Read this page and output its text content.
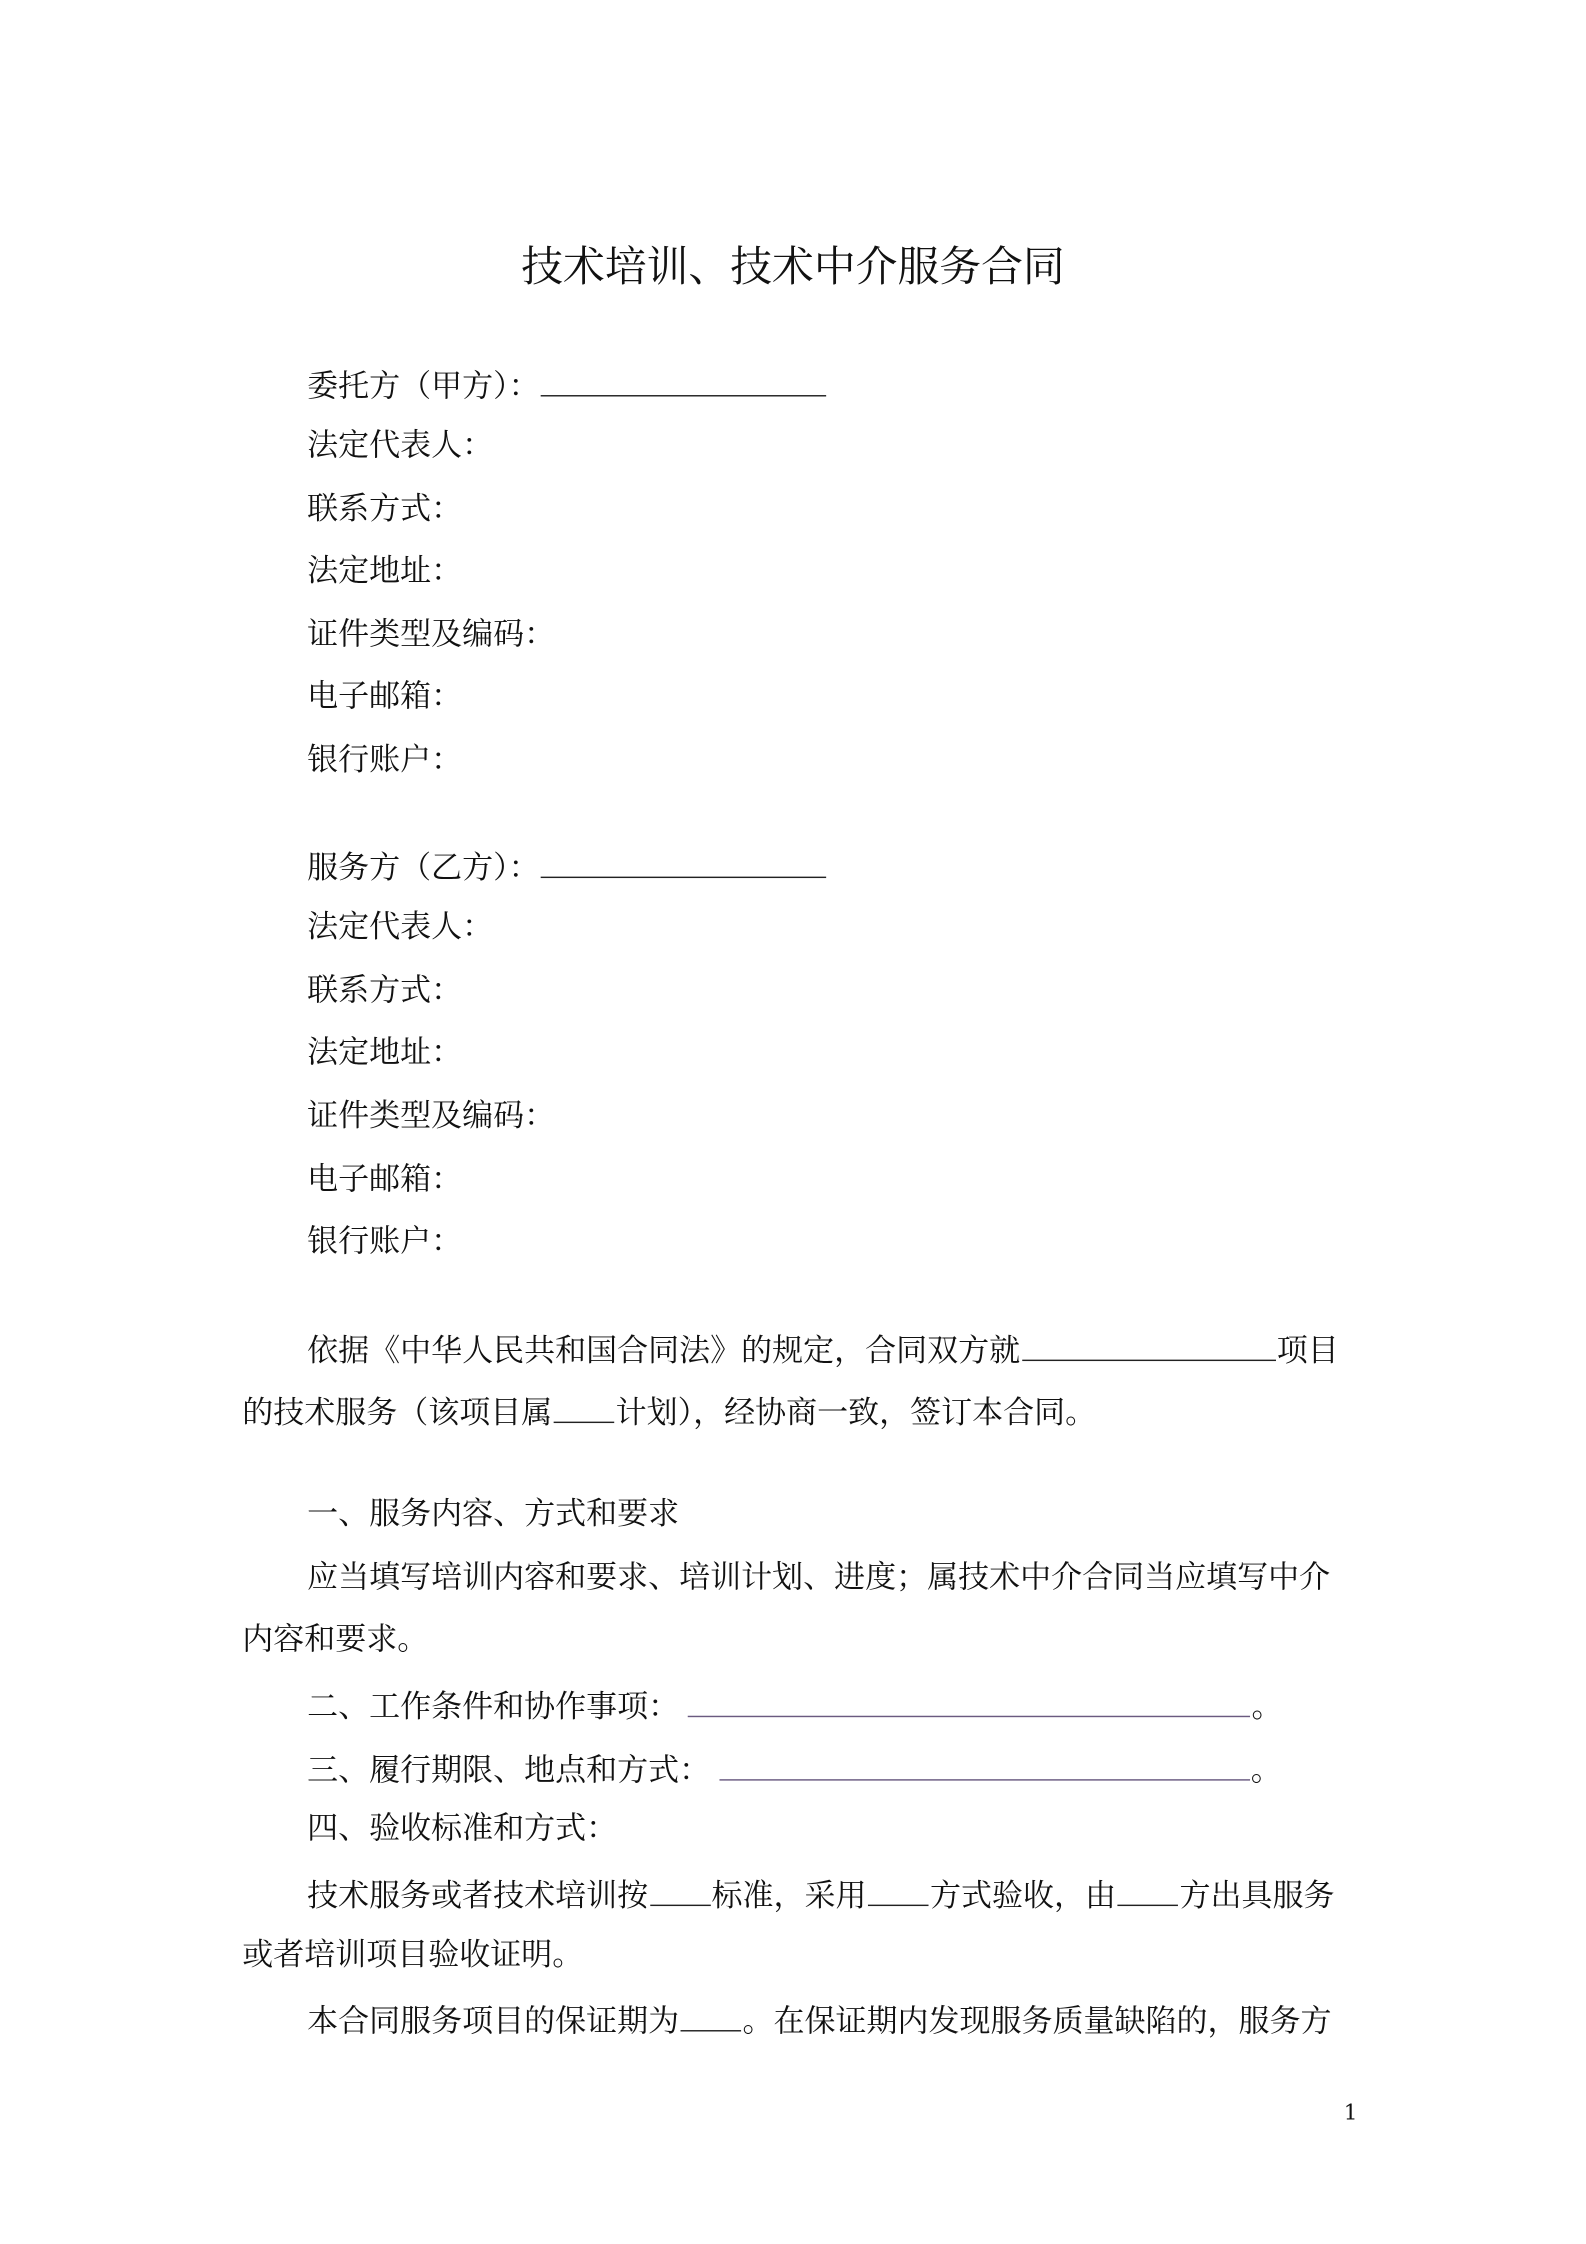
技术培训、技术中介服务合同
委托方（甲方）：
法定代表人：
联系方式：
法定地址：
证件类型及编码：
电子邮箱：
银行账户：
服务方（乙方）：
法定代表人：
联系方式：
法定地址：
证件类型及编码：
电子邮箱：
银行账户：
依据《中华人民共和国合同法》的规定，合同双方就	项目
的技术服务（该项目属	计划），经协商一致，签订本合同。
一、服务内容、方式和要求
应当填写培训内容和要求、培训计划、进度；属技术中介合同当应填写中介
内容和要求。
二、工作条件和协作事项：	。
三、履行期限、地点和方式：	。
四、验收标准和方式：
技术服务或者技术培训按	标准，采用	方式验收，由	方出具服务
或者培训项目验收证明。
本合同服务项目的保证期为	。在保证期内发现服务质量缺陷的，服务方
1
